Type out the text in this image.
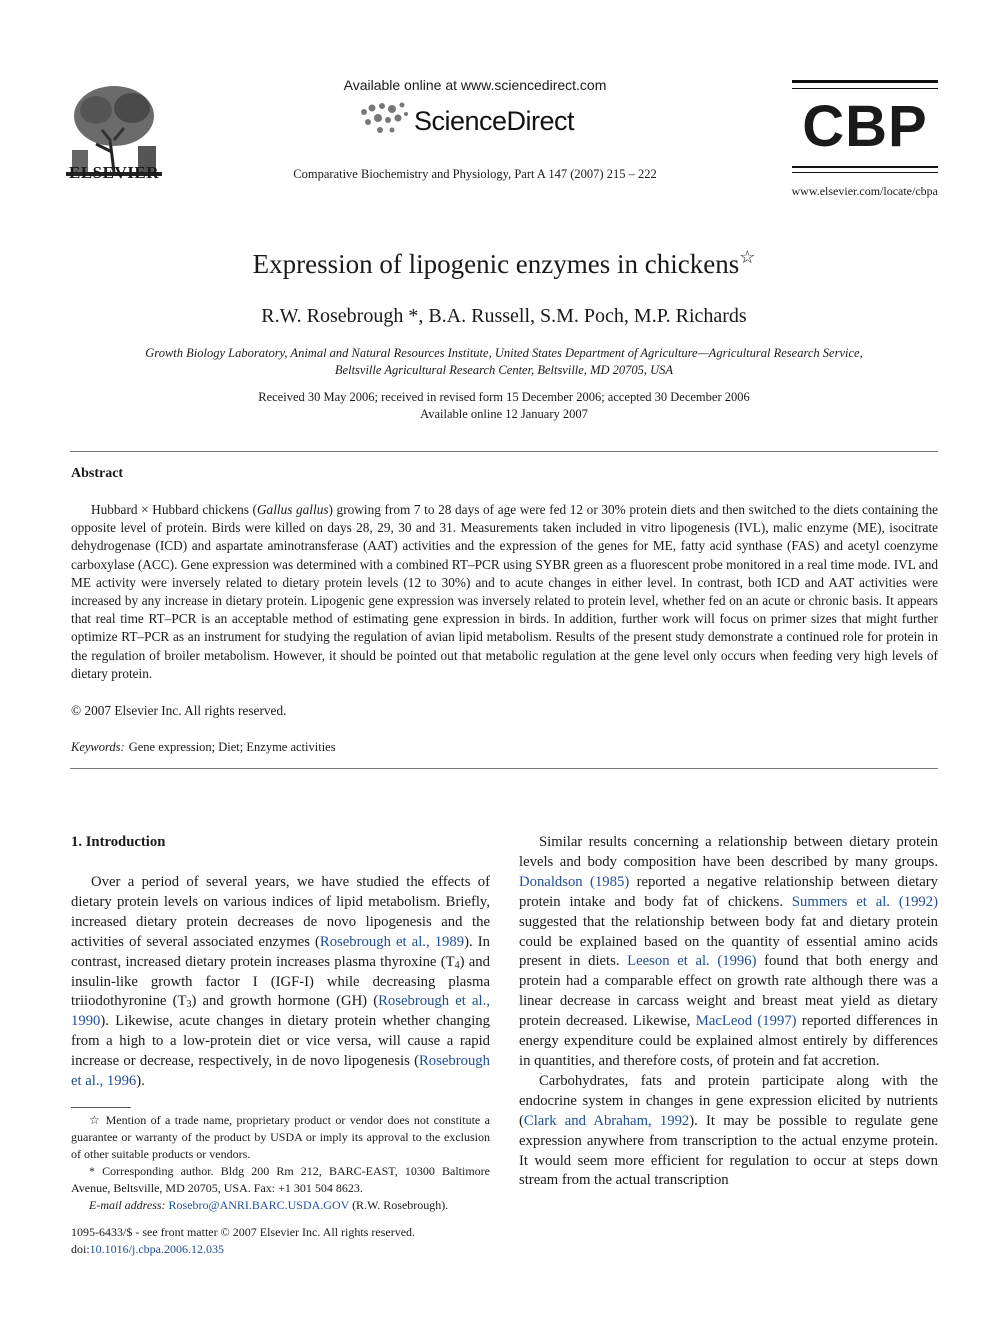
ELSEVIER
Available online at www.sciencedirect.com
ScienceDirect
Comparative Biochemistry and Physiology, Part A 147 (2007) 215 – 222
CBP
www.elsevier.com/locate/cbpa
Expression of lipogenic enzymes in chickens☆
R.W. Rosebrough *, B.A. Russell, S.M. Poch, M.P. Richards
Growth Biology Laboratory, Animal and Natural Resources Institute, United States Department of Agriculture—Agricultural Research Service,
Beltsville Agricultural Research Center, Beltsville, MD 20705, USA
Received 30 May 2006; received in revised form 15 December 2006; accepted 30 December 2006
Available online 12 January 2007
Abstract

Hubbard × Hubbard chickens (Gallus gallus) growing from 7 to 28 days of age were fed 12 or 30% protein diets and then switched to the diets containing the opposite level of protein. Birds were killed on days 28, 29, 30 and 31. Measurements taken included in vitro lipogenesis (IVL), malic enzyme (ME), isocitrate dehydrogenase (ICD) and aspartate aminotransferase (AAT) activities and the expression of the genes for ME, fatty acid synthase (FAS) and acetyl coenzyme carboxylase (ACC). Gene expression was determined with a combined RT–PCR using SYBR green as a fluorescent probe monitored in a real time mode. IVL and ME activity were inversely related to dietary protein levels (12 to 30%) and to acute changes in either level. In contrast, both ICD and AAT activities were increased by any increase in dietary protein. Lipogenic gene expression was inversely related to protein level, whether fed on an acute or chronic basis. It appears that real time RT–PCR is an acceptable method of estimating gene expression in birds. In addition, further work will focus on primer sizes that might further optimize RT–PCR as an instrument for studying the regulation of avian lipid metabolism. Results of the present study demonstrate a continued role for protein in the regulation of broiler metabolism. However, it should be pointed out that metabolic regulation at the gene level only occurs when feeding very high levels of dietary protein.

© 2007 Elsevier Inc. All rights reserved.
Keywords: Gene expression; Diet; Enzyme activities
1. Introduction

Over a period of several years, we have studied the effects of dietary protein levels on various indices of lipid metabolism. Briefly, increased dietary protein decreases de novo lipogenesis and the activities of several associated enzymes (Rosebrough et al., 1989). In contrast, increased dietary protein increases plasma thyroxine $(T_4)$ and insulin-like growth factor I (IGF-I) while decreasing plasma triiodothyronine $(T_3)$ and growth hormone (GH) (Rosebrough et al., 1990). Likewise, acute changes in dietary protein whether changing from a high to a low-protein diet or vice versa, will cause a rapid increase or decrease, respectively, in de novo lipogenesis (Rosebrough et al., 1996).

☆ Mention of a trade name, proprietary product or vendor does not constitute a guarantee or warranty of the product by USDA or imply its approval to the exclusion of other suitable products or vendors.

* Corresponding author. Bldg 200 Rm 212, BARC-EAST, 10300 Baltimore Avenue, Beltsville, MD 20705, USA. Fax: +1 301 504 8623.

E-mail address: Rosebro@ANRI.BARC.USDA.GOV (R.W. Rosebrough).

1095-6433/$ - see front matter © 2007 Elsevier Inc. All rights reserved.
doi:10.1016/j.cbpa.2006.12.035

Similar results concerning a relationship between dietary protein levels and body composition have been described by many groups. Donaldson (1985) reported a negative relationship between dietary protein intake and body fat of chickens. Summers et al. (1992) suggested that the relationship between body fat and dietary protein could be explained based on the quantity of essential amino acids present in diets. Leeson et al. (1996) found that both energy and protein had a comparable effect on growth rate although there was a linear decrease in carcass weight and breast meat yield as dietary protein decreased. Likewise, MacLeod (1997) reported differences in energy expenditure could be explained almost entirely by differences in quantities, and therefore costs, of protein and fat accretion.

Carbohydrates, fats and protein participate along with the endocrine system in changes in gene expression elicited by nutrients (Clark and Abraham, 1992). It may be possible to regulate gene expression anywhere from transcription to the actual enzyme protein. It would seem more efficient for regulation to occur at steps down stream from the actual transcription
